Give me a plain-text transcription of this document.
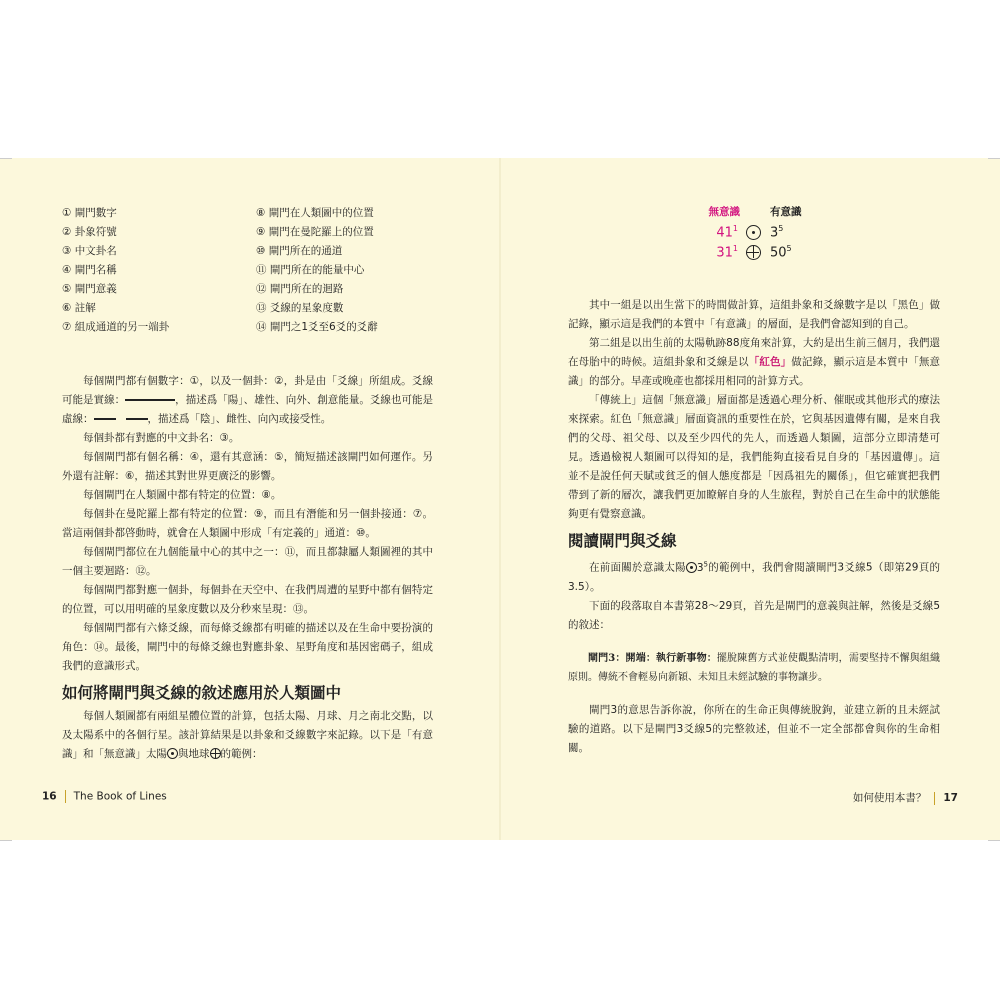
① 閘門數字
② 卦象符號
③ 中文卦名
④ 閘門名稱
⑤ 閘門意義
⑥ 註解
⑦ 組成通道的另一端卦
⑧ 閘門在人類圖中的位置
⑨ 閘門在曼陀羅上的位置
⑩ 閘門所在的通道
⑪ 閘門所在的能量中心
⑫ 閘門所在的迴路
⑬ 爻線的星象度數
⑭ 閘門之1爻至6爻的爻辭

每個閘門都有個數字：①，以及一個卦：②，卦是由「爻線」所組成。爻線可能是實線：	，描述爲「陽」、雄性、向外、創意能量。爻線也可能是虛線：	，描述爲「陰」、雌性、向內或接受性。

每個卦都有對應的中文卦名：③。

每個閘門都有個名稱：④，還有其意涵：⑤，簡短描述該閘門如何運作。另外還有註解：⑥，描述其對世界更廣泛的影響。

每個閘門在人類圖中都有特定的位置：⑧。

每個卦在曼陀羅上都有特定的位置：⑨，而且有潛能和另一個卦接通：⑦。當這兩個卦都啓動時，就會在人類圖中形成「有定義的」通道：⑩。

每個閘門都位在九個能量中心的其中之一：⑪，而且都隸屬人類圖裡的其中一個主要迴路：⑫。

每個閘門都對應一個卦，每個卦在天空中、在我們周遭的星野中都有個特定的位置，可以用明確的星象度數以及分秒來呈現：⑬。

每個閘門都有六條爻線，而每條爻線都有明確的描述以及在生命中要扮演的角色：⑭。最後，閘門中的每條爻線也對應卦象、星野角度和基因密碼子，組成我們的意識形式。

如何將閘門與爻線的敘述應用於人類圖中

每個人類圖都有兩組星體位置的計算，包括太陽、月球、月之南北交點，以及太陽系中的各個行星。該計算結果是以卦象和爻線數字來記錄。以下是「有意識」和「無意識」太陽 與地球 的範例：

16 The Book of Lines
無意識	有意識
$41^1$ $3^5$
$31^1$ $50^5$

其中一組是以出生當下的時間做計算，這組卦象和爻線數字是以「黑色」做記錄，顯示這是我們的本質中「有意識」的層面，是我們會認知到的自己。

第二組是以出生前的太陽軌跡88度角來計算，大約是出生前三個月，我們還在母胎中的時候。這組卦象和爻線是以「紅色」做記錄，顯示這是本質中「無意識」的部分。早產或晚產也都採用相同的計算方式。

「傳統上」這個「無意識」層面都是透過心理分析、催眠或其他形式的療法來探索。紅色「無意識」層面資訊的重要性在於，它與基因遺傳有關，是來自我們的父母、祖父母、以及至少四代的先人，而透過人類圖，這部分立即清楚可見。透過檢視人類圖可以得知的是，我們能夠直接看見自身的「基因遺傳」。這並不是說任何天賦或貧乏的個人態度都是「因爲祖先的關係」，但它確實把我們帶到了新的層次，讓我們更加瞭解自身的人生旅程，對於自己在生命中的狀態能夠更有覺察意識。

閱讀閘門與爻線

在前面關於意識太陽 $3^5$的範例中，我們會閱讀閘門3爻線5（即第29頁的3.5）。

下面的段落取自本書第28～29頁，首先是閘門的意義與註解，然後是爻線5的敘述：

閘門3：開端：執行新事物：擺脫陳舊方式並使觀點清明，需要堅持不懈與組織原則。傳統不會輕易向新穎、未知且未經試驗的事物讓步。

閘門3的意思告訴你說，你所在的生命正與傳統脫鉤，並建立新的且未經試驗的道路。以下是閘門3爻線5的完整敘述，但並不一定全部都會與你的生命相關。

如何使用本書？ 17
